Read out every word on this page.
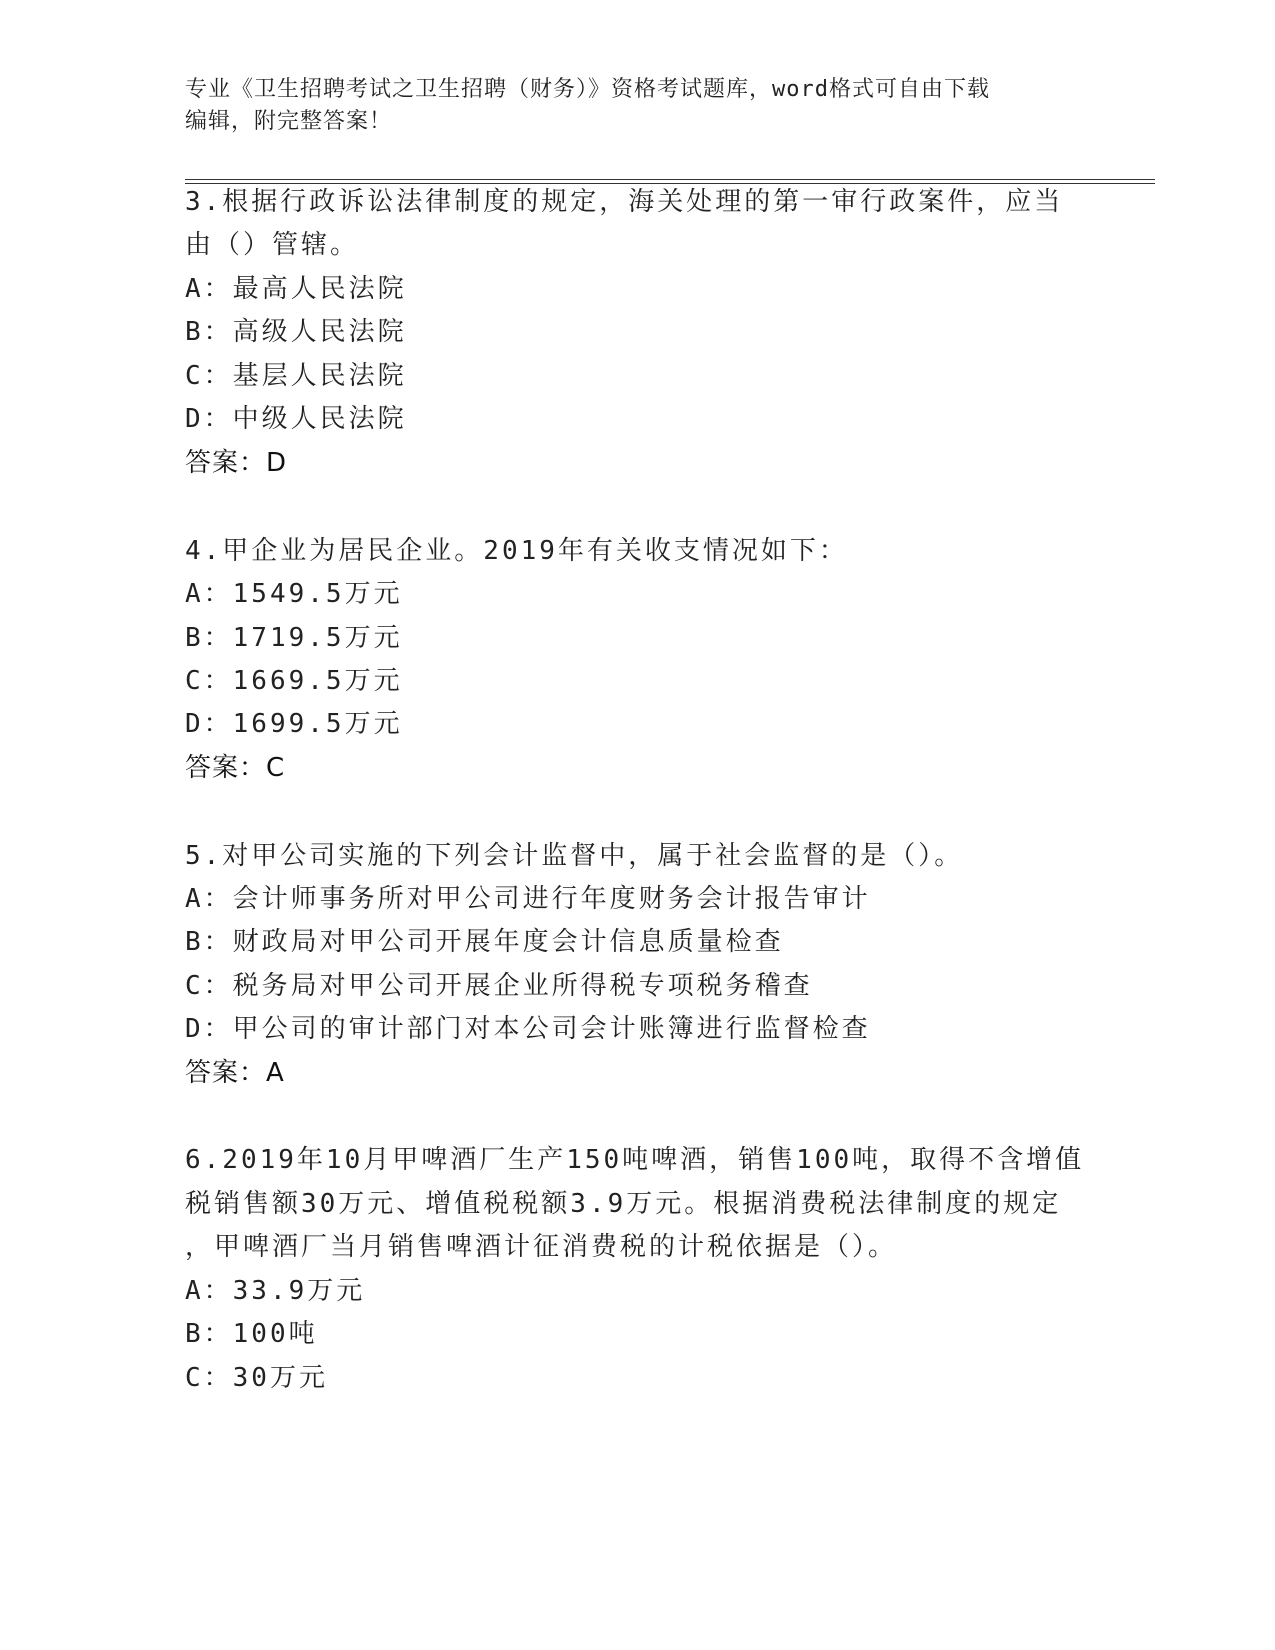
专业《卫生招聘考试之卫生招聘（财务）》资格考试题库，word格式可自由下载
编辑，附完整答案！
3.根据行政诉讼法律制度的规定，海关处理的第一审行政案件，应当
由（）管辖。
A：最高人民法院
B：高级人民法院
C：基层人民法院
D：中级人民法院
答案：D
4.甲企业为居民企业。2019年有关收支情况如下：
A：1549.5万元
B：1719.5万元
C：1669.5万元
D：1699.5万元
答案：C
5.对甲公司实施的下列会计监督中，属于社会监督的是（）。
A：会计师事务所对甲公司进行年度财务会计报告审计
B：财政局对甲公司开展年度会计信息质量检查
C：税务局对甲公司开展企业所得税专项税务稽查
D：甲公司的审计部门对本公司会计账簿进行监督检查
答案：A
6.2019年10月甲啤酒厂生产150吨啤酒，销售100吨，取得不含增值
税销售额30万元、增值税税额3.9万元。根据消费税法律制度的规定
，甲啤酒厂当月销售啤酒计征消费税的计税依据是（）。
A：33.9万元
B：100吨
C：30万元
